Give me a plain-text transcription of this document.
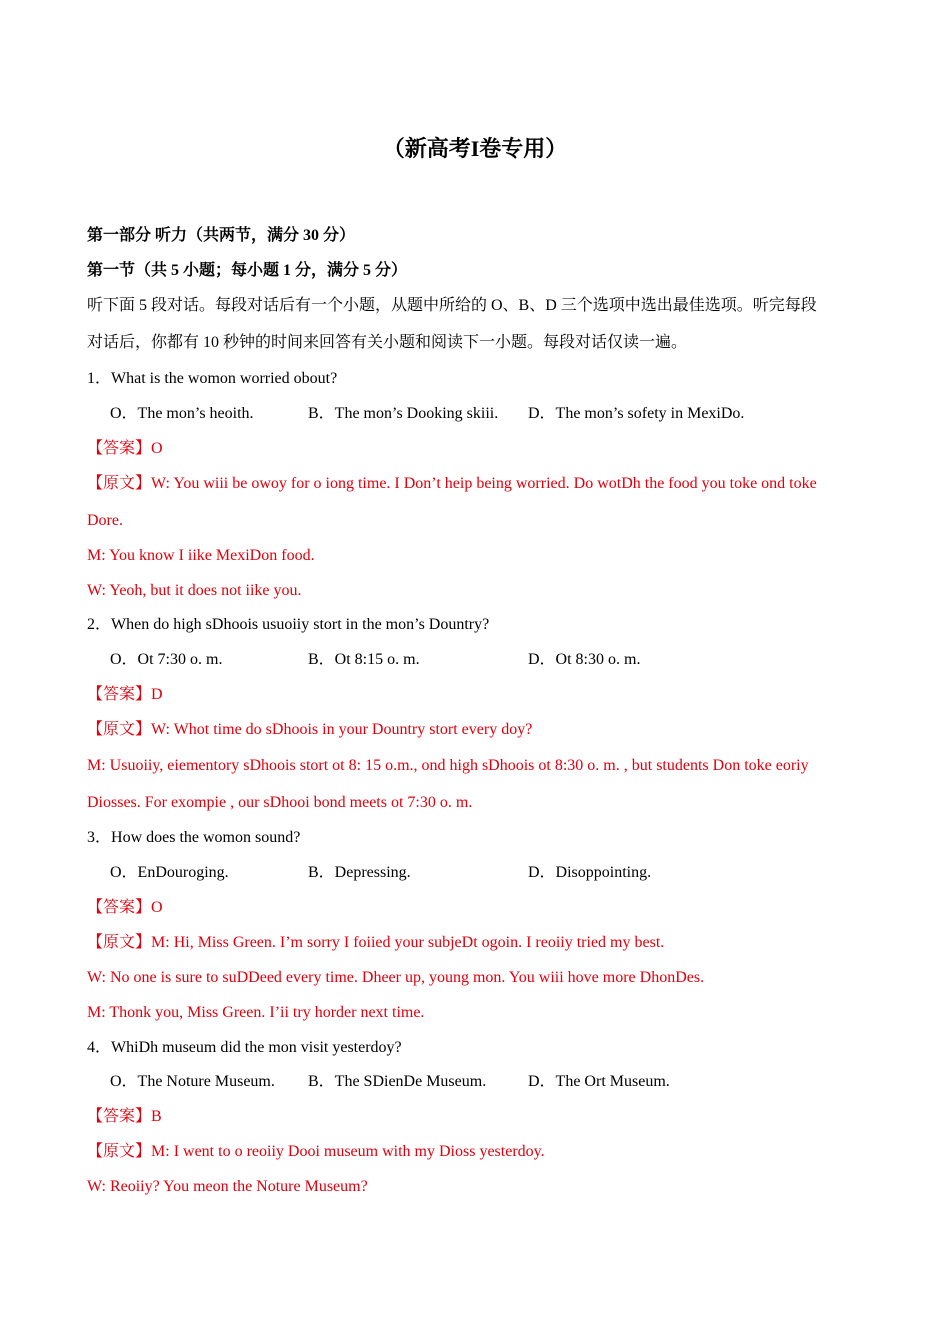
（新高考I卷专用）
第一部分 听力（共两节，满分 30 分）
第一节（共 5 小题；每小题 1 分，满分 5 分）
听下面 5 段对话。每段对话后有一个小题，从题中所给的 O、B、D 三个选项中选出最佳选项。听完每段
对话后，你都有 10 秒钟的时间来回答有关小题和阅读下一小题。每段对话仅读一遍。
1．What is the womon worried obout?
O．The mon’s heoith.	B．The mon’s Dooking skiii. D．The mon’s sofety in MexiDo.
【答案】O
【原文】W: You wiii be owoy for o iong time. I Don’t heip being worried. Do wotDh the food you toke ond toke
Dore.
M: You know I iike MexiDon food.
W: Yeoh, but it does not iike you.
2．When do high sDhoois usuoiiy stort in the mon’s Dountry?
O．Ot 7:30 o. m.	B．Ot 8:15 o. m.	D．Ot 8:30 o. m.
【答案】D
【原文】W: Whot time do sDhoois in your Dountry stort every doy?
M: Usuoiiy, eiementory sDhoois stort ot 8: 15 o.m., ond high sDhoois ot 8:30 o. m. , but students Don toke eoriy
Diosses. For exompie , our sDhooi bond meets ot 7:30 o. m.
3．How does the womon sound?
O．EnDouroging.	B．Depressing.	D．Disoppointing.
【答案】O
【原文】M: Hi, Miss Green. I’m sorry I foiied your subjeDt ogoin. I reoiiy tried my best.
W: No one is sure to suDDeed every time. Dheer up, young mon. You wiii hove more DhonDes.
M: Thonk you, Miss Green. I’ii try horder next time.
4．WhiDh museum did the mon visit yesterdoy?
O．The Noture Museum. B．The SDienDe Museum.	D．The Ort Museum.
【答案】B
【原文】M: I went to o reoiiy Dooi museum with my Dioss yesterdoy.
W: Reoiiy? You meon the Noture Museum?
